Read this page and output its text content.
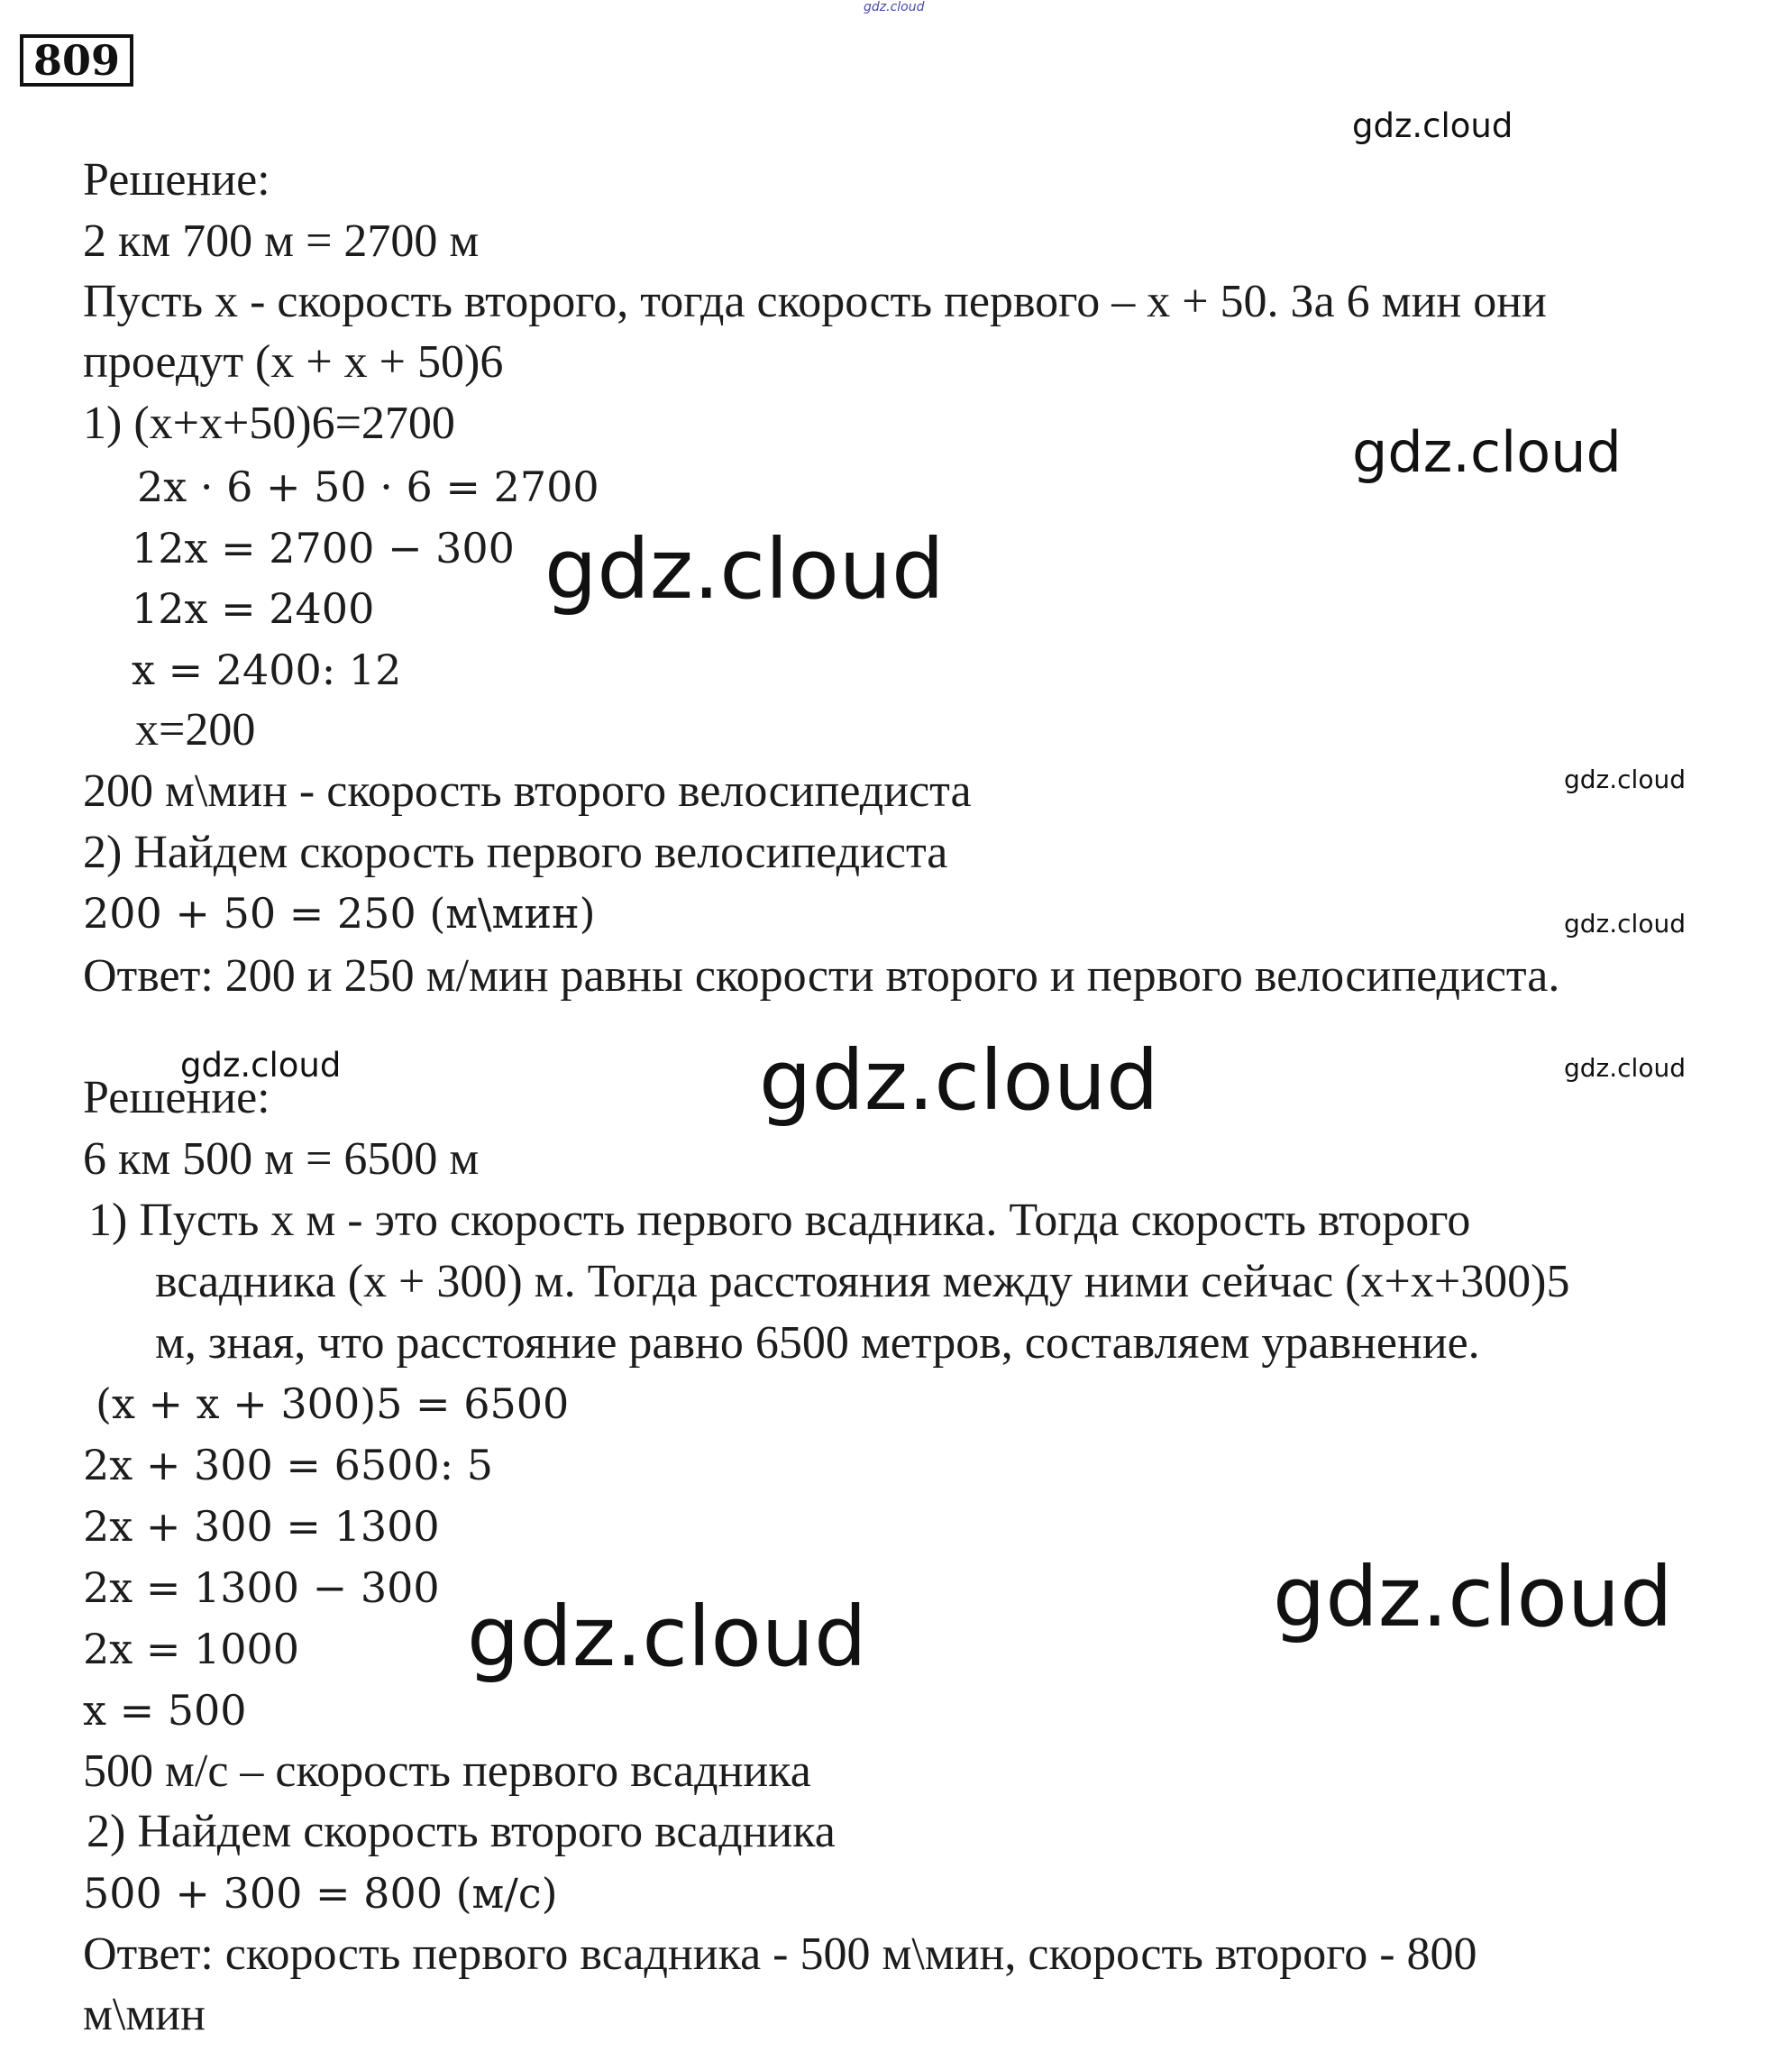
gdz.cloud
809
gdz.cloud
Решение:
2 км 700 м = 2700 м
Пусть x - скорость второго, тогда скорость первого – x + 50. За 6 мин они
проедут (x + x + 50)6
1) (x+x+50)6=2700	gdz.cloud
2x · 6 + 50 · 6 = 2700
12x = 2700 − 300 gdz.cloud
12x = 2400
x = 2400: 12
x=200
200 м\мин - скорость второго велосипедиста	gdz.cloud
2) Найдем скорость первого велосипедиста
200 + 50 = 250 (м\мин)	gdz.cloud
Ответ: 200 и 250 м/мин равны скорости второго и первого велосипедиста.
gdz.cloud	gdz.cloud
gdz.cloud
Решение:
6 км 500 м = 6500 м
1) Пусть x м - это скорость первого всадника. Тогда скорость второго
всадника (x + 300) м. Тогда расстояния между ними сейчас (x+x+300)5
м, зная, что расстояние равно 6500 метров, составляем уравнение.
(x + x + 300)5 = 6500
2x + 300 = 6500: 5
2x + 300 = 1300
2x = 1300 − 300	gdz.cloud
2x = 1000 gdz.cloud
x = 500
500 м/с – скорость первого всадника
2) Найдем скорость второго всадника
500 + 300 = 800 (м/с)
Ответ: скорость первого всадника - 500 м\мин, скорость второго - 800
м\мин
